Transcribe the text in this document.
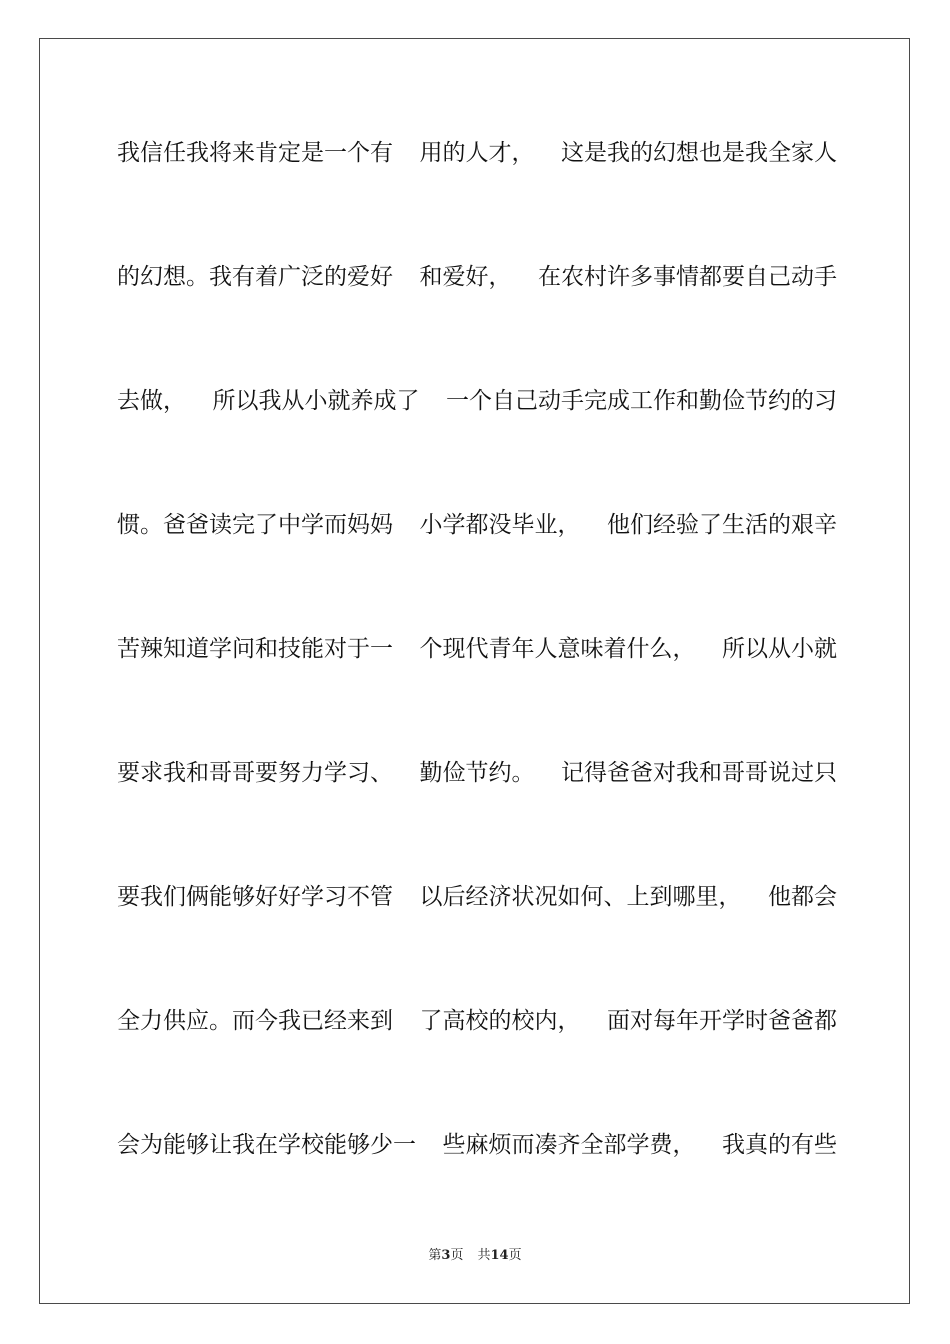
我信任我将来肯定是一个有 用的人才， 这是我的幻想也是我全家人
的幻想。我有着广泛的爱好 和爱好， 在农村许多事情都要自己动手
去做， 所以我从小就养成了 一个自己动手完成工作和勤俭节约的习
惯。爸爸读完了中学而妈妈 小学都没毕业， 他们经验了生活的艰辛
苦辣知道学问和技能对于一 个现代青年人意味着什么， 所以从小就
要求我和哥哥要努力学习、 勤俭节约。 记得爸爸对我和哥哥说过只
要我们俩能够好好学习不管 以后经济状况如何、上到哪里， 他都会
全力供应。而今我已经来到 了高校的校内， 面对每年开学时爸爸都
会为能够让我在学校能够少一 些麻烦而凑齐全部学费， 我真的有些
第3页 共14页
